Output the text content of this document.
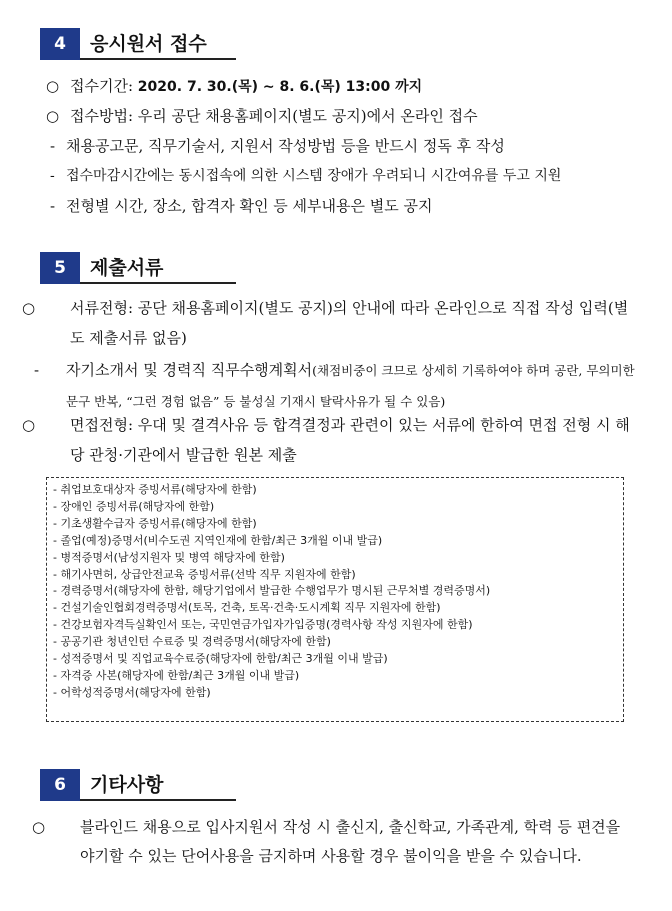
4	응시원서 접수
○ 접수기간: 2020. 7. 30.(목) ∼ 8. 6.(목) 13:00 까지
○ 접수방법: 우리 공단 채용홈페이지(별도 공지)에서 온라인 접수
- 채용공고문, 직무기술서, 지원서 작성방법 등을 반드시 정독 후 작성
- 접수마감시간에는 동시접속에 의한 시스템 장애가 우려되니 시간여유를 두고 지원
- 전형별 시간, 장소, 합격자 확인 등 세부내용은 별도 공지
5	제출서류
○ 서류전형: 공단 채용홈페이지(별도 공지)의 안내에 따라 온라인으로 직접 작성 입력(별도 제출서류 없음)
- 자기소개서 및 경력직 직무수행계획서(채점비중이 크므로 상세히 기록하여야 하며 공란, 무의미한 문구 반복, “그런 경험 없음” 등 불성실 기재시 탈락사유가 될 수 있음)
○ 면접전형: 우대 및 결격사유 등 합격결정과 관련이 있는 서류에 한하여 면접 전형 시 해당 관청·기관에서 발급한 원본 제출
- 취업보호대상자 증빙서류(해당자에 한함)
- 장애인 증빙서류(해당자에 한함)
- 기초생활수급자 증빙서류(해당자에 한함)
- 졸업(예정)증명서(비수도권 지역인재에 한함/최근 3개월 이내 발급)
- 병적증명서(남성지원자 및 병역 해당자에 한함)
- 해기사면허, 상급안전교육 증빙서류(선박 직무 지원자에 한함)
- 경력증명서(해당자에 한함, 해당기업에서 발급한 수행업무가 명시된 근무처별 경력증명서)
- 건설기술인협회경력증명서(토목, 건축, 토목·건축·도시계획 직무 지원자에 한함)
- 건강보험자격득실확인서 또는, 국민연금가입자가입증명(경력사항 작성 지원자에 한함)
- 공공기관 청년인턴 수료증 및 경력증명서(해당자에 한함)
- 성적증명서 및 직업교육수료증(해당자에 한함/최근 3개월 이내 발급)
- 자격증 사본(해당자에 한함/최근 3개월 이내 발급)
- 어학성적증명서(해당자에 한함)
6	기타사항
○ 블라인드 채용으로 입사지원서 작성 시 출신지, 출신학교, 가족관계, 학력 등 편견을 야기할 수 있는 단어사용을 금지하며 사용할 경우 불이익을 받을 수 있습니다.
